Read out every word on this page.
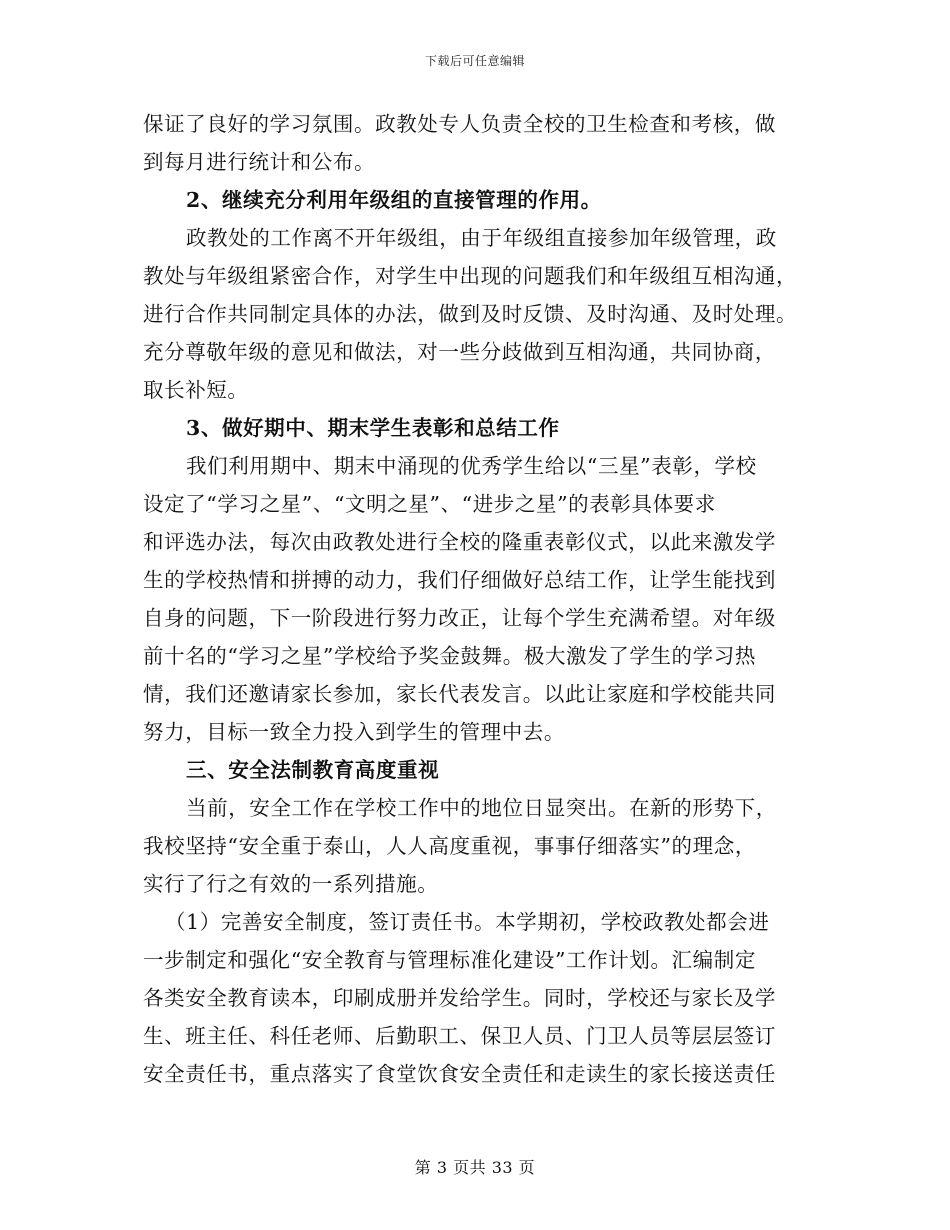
下载后可任意编辑
保证了良好的学习氛围。政教处专人负责全校的卫生检查和考核，做
到每月进行统计和公布。
2、继续充分利用年级组的直接管理的作用。
政教处的工作离不开年级组，由于年级组直接参加年级管理，政
教处与年级组紧密合作，对学生中出现的问题我们和年级组互相沟通，
进行合作共同制定具体的办法，做到及时反馈、及时沟通、及时处理。
充分尊敬年级的意见和做法，对一些分歧做到互相沟通，共同协商，
取长补短。
3、做好期中、期末学生表彰和总结工作
我们利用期中、期末中涌现的优秀学生给以“三星”表彰，学校
设定了“学习之星”、“文明之星”、“进步之星”的表彰具体要求
和评选办法，每次由政教处进行全校的隆重表彰仪式，以此来激发学
生的学校热情和拼搏的动力，我们仔细做好总结工作，让学生能找到
自身的问题，下一阶段进行努力改正，让每个学生充满希望。对年级
前十名的“学习之星”学校给予奖金鼓舞。极大激发了学生的学习热
情，我们还邀请家长参加，家长代表发言。以此让家庭和学校能共同
努力，目标一致全力投入到学生的管理中去。
三、安全法制教育高度重视
当前，安全工作在学校工作中的地位日显突出。在新的形势下，
我校坚持“安全重于泰山，人人高度重视，事事仔细落实”的理念，
实行了行之有效的一系列措施。
（1）完善安全制度，签订责任书。本学期初，学校政教处都会进
一步制定和强化“安全教育与管理标准化建设”工作计划。汇编制定
各类安全教育读本，印刷成册并发给学生。同时，学校还与家长及学
生、班主任、科任老师、后勤职工、保卫人员、门卫人员等层层签订
安全责任书，重点落实了食堂饮食安全责任和走读生的家长接送责任
第 3 页共 33 页
